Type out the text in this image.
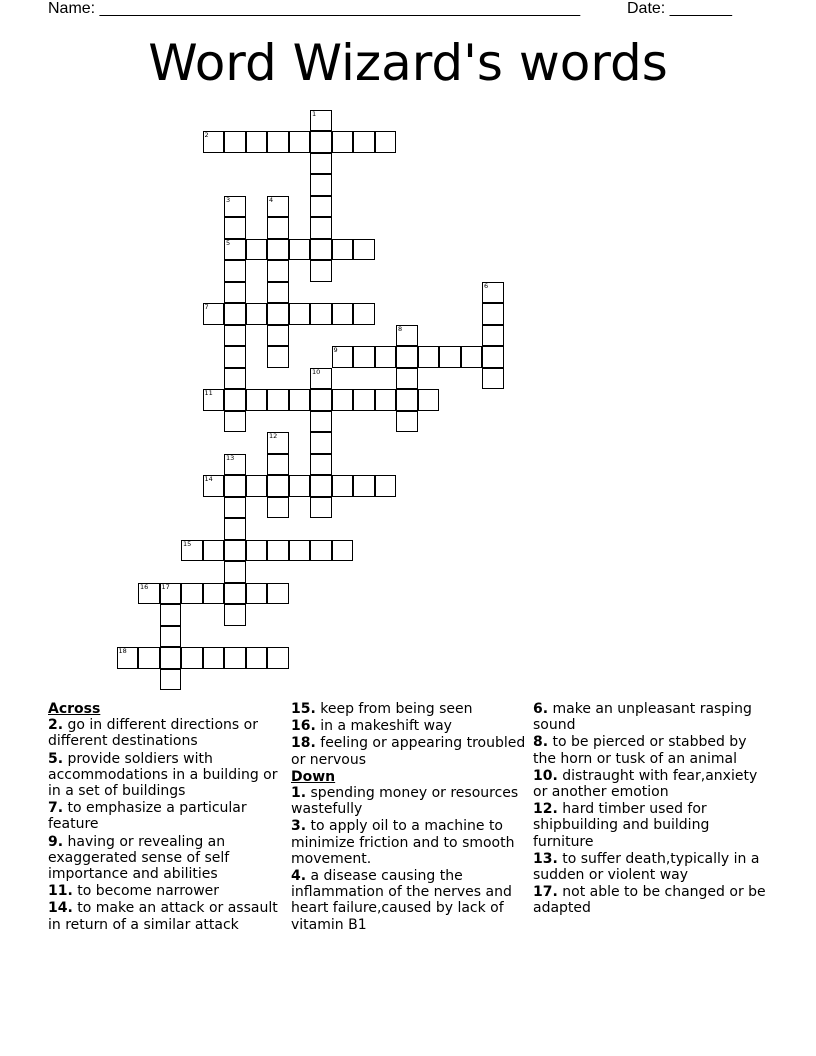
Name: ______________________________________________________	Date: _______
Word Wizard's words
1
2
3
5
4
6
7
8
9
10
11
12
13
14
15
16 17
18
Across
2. go in different directions or different destinations
5. provide soldiers with accommodations in a building or in a set of buildings
7. to emphasize a particular feature
9. having or revealing an exaggerated sense of self importance and abilities
11. to become narrower
14. to make an attack or assault in return of a similar attack
15. keep from being seen
16. in a makeshift way
18. feeling or appearing troubled or nervous
Down
1. spending money or resources wastefully
3. to apply oil to a machine to minimize friction and to smooth movement.
4. a disease causing the inflammation of the nerves and heart failure,caused by lack of vitamin B1
6. make an unpleasant rasping sound
8. to be pierced or stabbed by the horn or tusk of an animal
10. distraught with fear,anxiety or another emotion
12. hard timber used for shipbuilding and building furniture
13. to suffer death,typically in a sudden or violent way
17. not able to be changed or be adapted
